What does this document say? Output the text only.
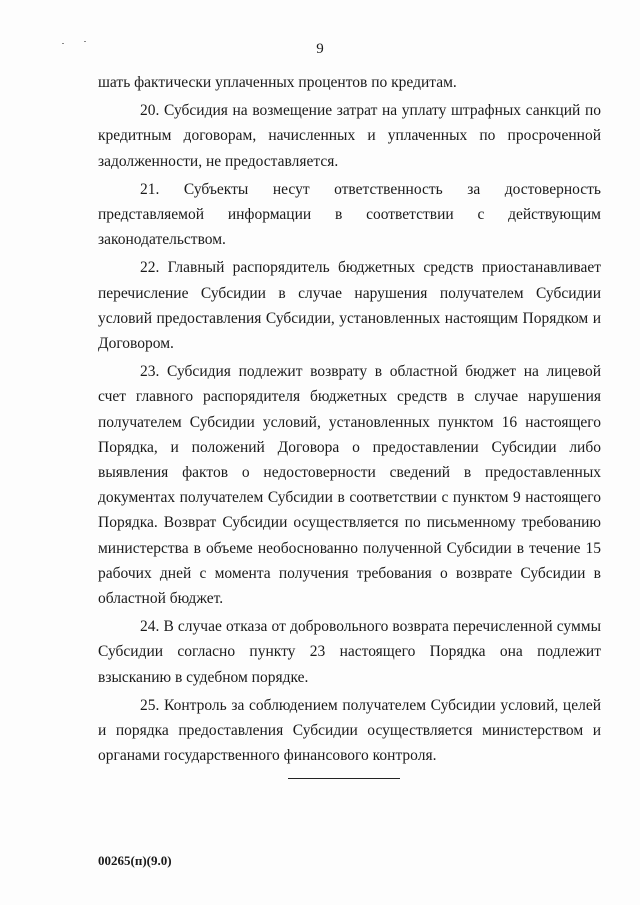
9

шать фактически уплаченных процентов по кредитам.

20. Субсидия на возмещение затрат на уплату штрафных санкций по кредитным договорам, начисленных и уплаченных по просроченной задолженности, не предоставляется.

21. Субъекты несут ответственность за достоверность представляемой информации в соответствии с действующим законодательством.

22. Главный распорядитель бюджетных средств приостанавливает перечисление Субсидии в случае нарушения получателем Субсидии условий предоставления Субсидии, установленных настоящим Порядком и Договором.

23. Субсидия подлежит возврату в областной бюджет на лицевой счет главного распорядителя бюджетных средств в случае нарушения получателем Субсидии условий, установленных пунктом 16 настоящего Порядка, и положений Договора о предоставлении Субсидии либо выявления фактов о недостоверности сведений в предоставленных документах получателем Субсидии в соответствии с пунктом 9 настоящего Порядка. Возврат Субсидии осуществляется по письменному требованию министерства в объеме необоснованно полученной Субсидии в течение 15 рабочих дней с момента получения требования о возврате Субсидии в областной бюджет.

24. В случае отказа от добровольного возврата перечисленной суммы Субсидии согласно пункту 23 настоящего Порядка она подлежит взысканию в судебном порядке.

25. Контроль за соблюдением получателем Субсидии условий, целей и порядка предоставления Субсидии осуществляется министерством и органами государственного финансового контроля.

00265(п)(9.0)
